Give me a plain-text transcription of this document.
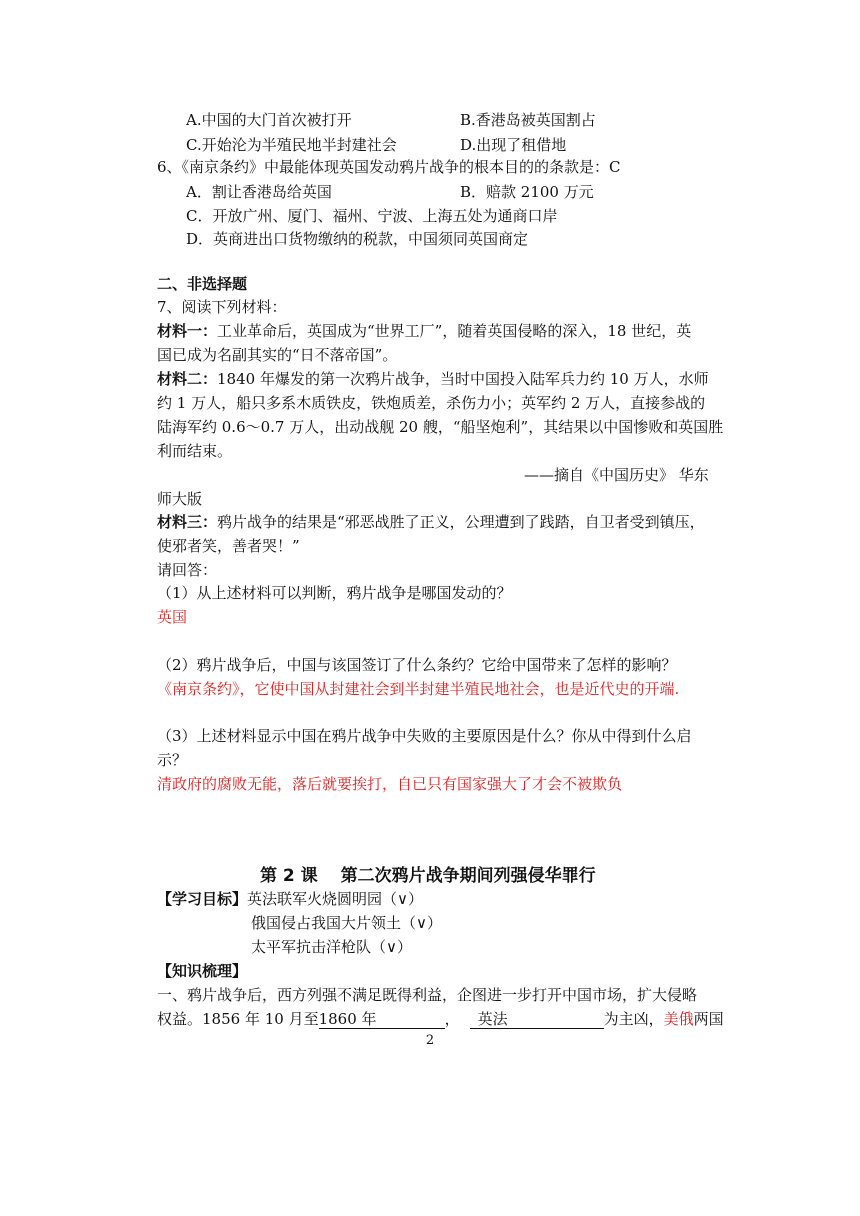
A.中国的大门首次被打开	B.香港岛被英国割占
C.开始沦为半殖民地半封建社会	D.出现了租借地
6、《南京条约》中最能体现英国发动鸦片战争的根本目的的条款是：C
A．割让香港岛给英国	B．赔款 2100 万元
C．开放广州、厦门、福州、宁波、上海五处为通商口岸
D．英商进出口货物缴纳的税款，中国须同英国商定
二、非选择题
7、阅读下列材料：
材料一：工业革命后，英国成为“世界工厂”，随着英国侵略的深入，18 世纪，英
国已成为名副其实的“日不落帝国”。
材料二：1840 年爆发的第一次鸦片战争，当时中国投入陆军兵力约 10 万人，水师
约 1 万人，船只多系木质铁皮，铁炮质差，杀伤力小；英军约 2 万人，直接参战的
陆海军约 0.6～0.7 万人，出动战舰 20 艘，“船坚炮利”，其结果以中国惨败和英国胜
利而结束。
——摘自《中国历史》 华东
师大版
材料三：鸦片战争的结果是“邪恶战胜了正义，公理遭到了践踏，自卫者受到镇压，
使邪者笑，善者哭！”
请回答：
（1）从上述材料可以判断，鸦片战争是哪国发动的？
英国
（2）鸦片战争后，中国与该国签订了什么条约？它给中国带来了怎样的影响？
《南京条约》，它使中国从封建社会到半封建半殖民地社会，也是近代史的开端.
（3）上述材料显示中国在鸦片战争中失败的主要原因是什么？你从中得到什么启
示？
清政府的腐败无能，落后就要挨打，自已只有国家强大了才会不被欺负
第 2 课　 第二次鸦片战争期间列强侵华罪行
【学习目标】英法联军火烧圆明园（∨）
俄国侵占我国大片领土（∨）
太平军抗击洋枪队（∨）
【知识梳理】
一、鸦片战争后，西方列强不满足既得利益，企图进一步打开中国市场，扩大侵略
权益。1856 年 10 月至1860 年	， 英法	为主凶，美俄两国
2
